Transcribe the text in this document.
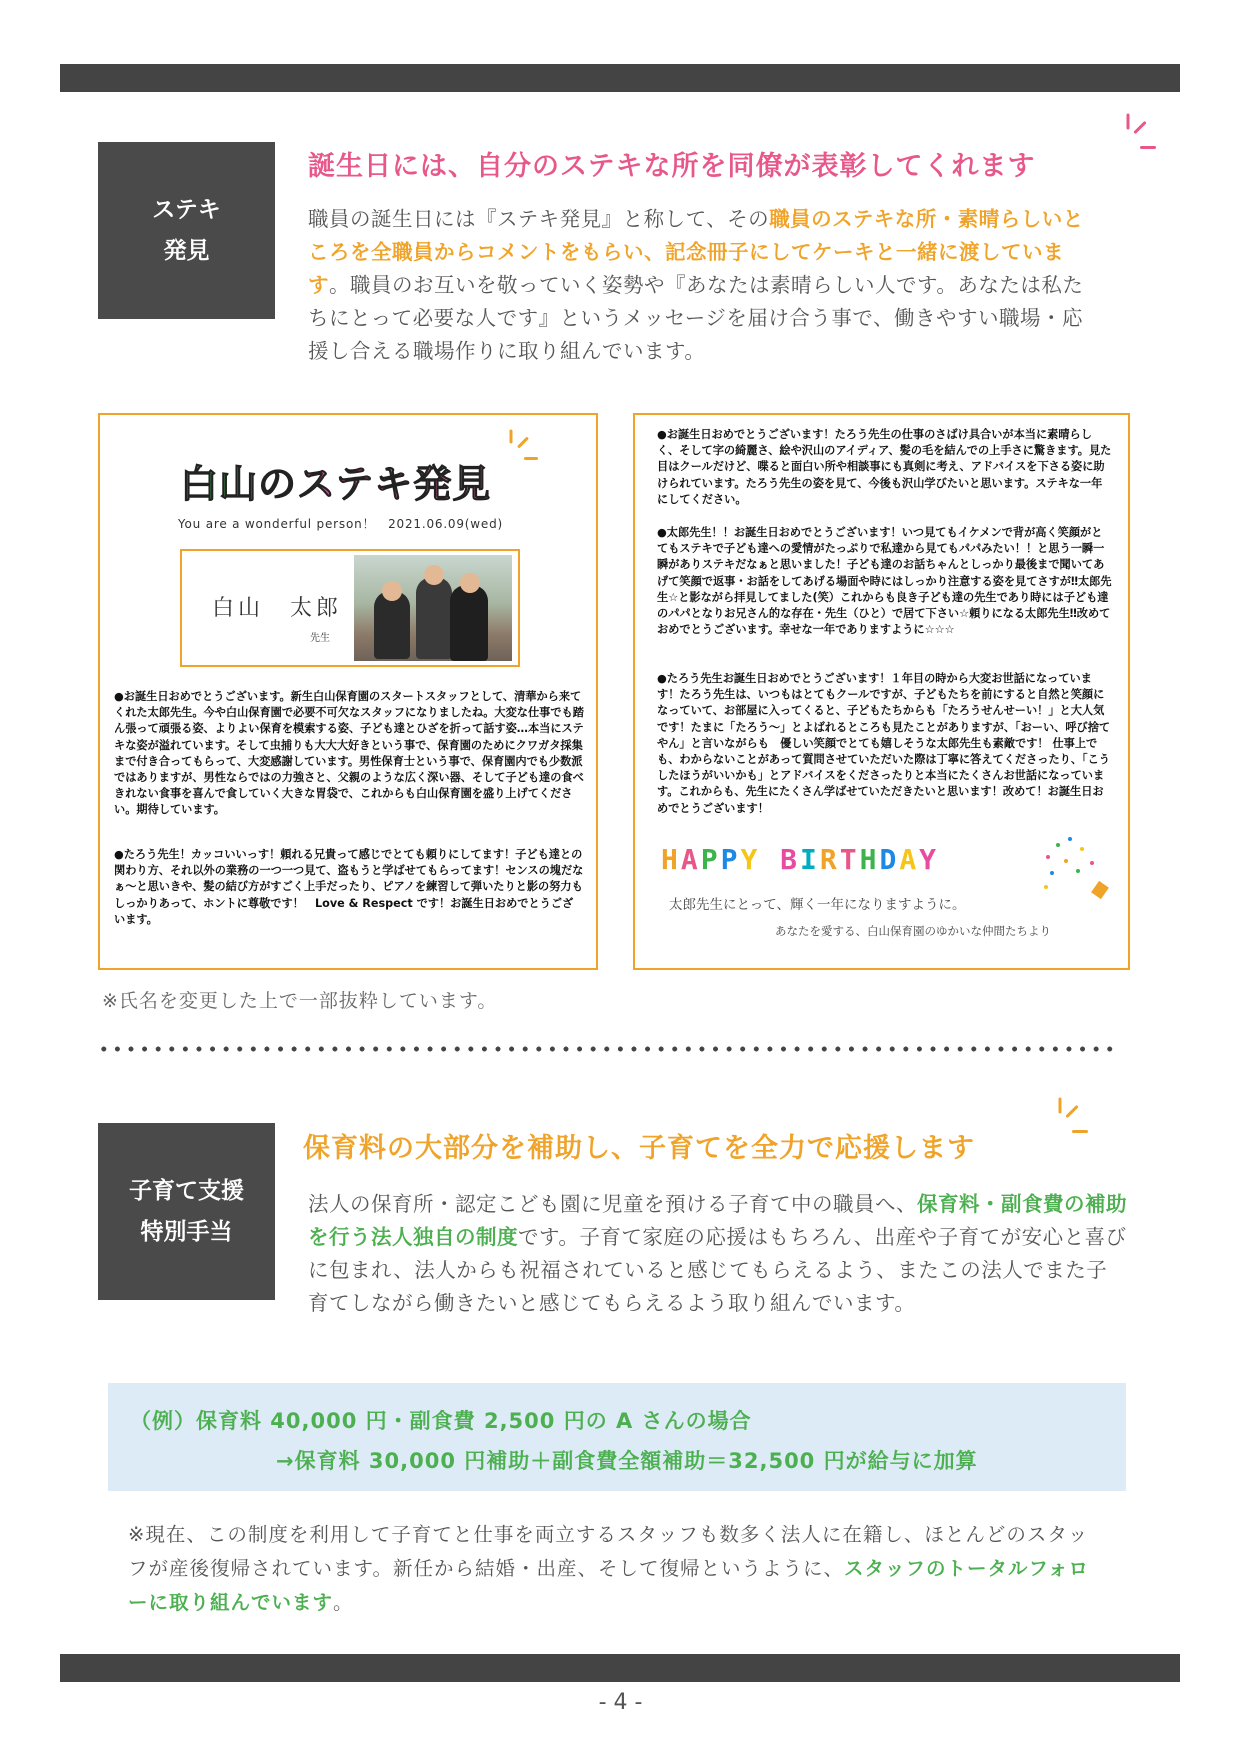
ステキ
発見
誕生日には、自分のステキな所を同僚が表彰してくれます
職員の誕生日には『ステキ発見』と称して、その職員のステキな所・素晴らしいところを全職員からコメントをもらい、記念冊子にしてケーキと一緒に渡しています。職員のお互いを敬っていく姿勢や『あなたは素晴らしい人です。あなたは私たちにとって必要な人です』というメッセージを届け合う事で、働きやすい職場・応援し合える職場作りに取り組んでいます。
白山のステキ発見
You are a wonderful person！　2021.06.09(wed)
白山　太郎
先生
●お誕生日おめでとうございます。新生白山保育園のスタートスタッフとして、清華から来てくれた太郎先生。今や白山保育園で必要不可欠なスタッフになりましたね。大変な仕事でも踏ん張って頑張る姿、よりよい保育を模索する姿、子ども達とひざを折って話す姿…本当にステキな姿が溢れています。そして虫捕りも大大大好きという事で、保育園のためにクワガタ採集まで付き合ってもらって、大変感謝しています。男性保育士という事で、保育園内でも少数派ではありますが、男性ならではの力強さと、父親のような広く深い器、そして子ども達の食べきれない食事を喜んで食していく大きな胃袋で、これからも白山保育園を盛り上げてください。期待しています。
●たろう先生！カッコいいっす！頼れる兄貴って感じでとても頼りにしてます！子ども達との関わり方、それ以外の業務の一つ一つ見て、盗もうと学ばせてもらってます！センスの塊だなぁ〜と思いきや、髪の結び方がすごく上手だったり、ピアノを練習して弾いたりと影の努力もしっかりあって、ホントに尊敬です！　Love & Respect です！お誕生日おめでとうございます。
●お誕生日おめでとうございます！たろう先生の仕事のさばけ具合いが本当に素晴らしく、そして字の綺麗さ、絵や沢山のアイディア、髪の毛を結んでの上手さに驚きます。見た目はクールだけど、喋ると面白い所や相談事にも真剣に考え、アドバイスを下さる姿に助けられています。たろう先生の姿を見て、今後も沢山学びたいと思います。ステキな一年にしてください。
●太郎先生！！お誕生日おめでとうございます！いつ見てもイケメンで背が高く笑顔がとてもステキで子ども達への愛情がたっぷりで私達から見てもパパみたい！！と思う一瞬一瞬がありステキだなぁと思いました！子ども達のお話ちゃんとしっかり最後まで聞いてあげて笑顔で返事・お話をしてあげる場面や時にはしっかり注意する姿を見てさすが‼太郎先生☆と影ながら拝見してました(笑）これからも良き子ども達の先生であり時には子ども達のパパとなりお兄さん的な存在・先生（ひと）で居て下さい☆頼りになる太郎先生‼改めておめでとうございます。幸せな一年でありますように☆☆☆
●たろう先生お誕生日おめでとうございます！１年目の時から大変お世話になっています！たろう先生は、いつもはとてもクールですが、子どもたちを前にすると自然と笑顔になっていて、お部屋に入ってくると、子どもたちからも「たろうせんせーい！」と大人気です！たまに「たろう〜」とよばれるところも見たことがありますが、「おーい、呼び捨てやん」と言いながらも　優しい笑顔でとても嬉しそうな太郎先生も素敵です！ 仕事上でも、わからないことがあって質問させていただいた際は丁寧に答えてくださったり、「こうしたほうがいいかも」とアドバイスをくださったりと本当にたくさんお世話になっています。これからも、先生にたくさん学ばせていただきたいと思います！改めて！お誕生日おめでとうございます！
HAPPY BIRTHDAY
太郎先生にとって、輝く一年になりますように。
あなたを愛する、白山保育園のゆかいな仲間たちより
※氏名を変更した上で一部抜粋しています。
子育て支援
特別手当
保育料の大部分を補助し、子育てを全力で応援します
法人の保育所・認定こども園に児童を預ける子育て中の職員へ、保育料・副食費の補助を行う法人独自の制度です。子育て家庭の応援はもちろん、出産や子育てが安心と喜びに包まれ、法人からも祝福されていると感じてもらえるよう、またこの法人でまた子育てしながら働きたいと感じてもらえるよう取り組んでいます。
（例）保育料 40,000 円・副食費 2,500 円の A さんの場合
→保育料 30,000 円補助＋副食費全額補助＝32,500 円が給与に加算
※現在、この制度を利用して子育てと仕事を両立するスタッフも数多く法人に在籍し、ほとんどのスタッフが産後復帰されています。新任から結婚・出産、そして復帰というように、スタッフのトータルフォローに取り組んでいます。
- 4 -
